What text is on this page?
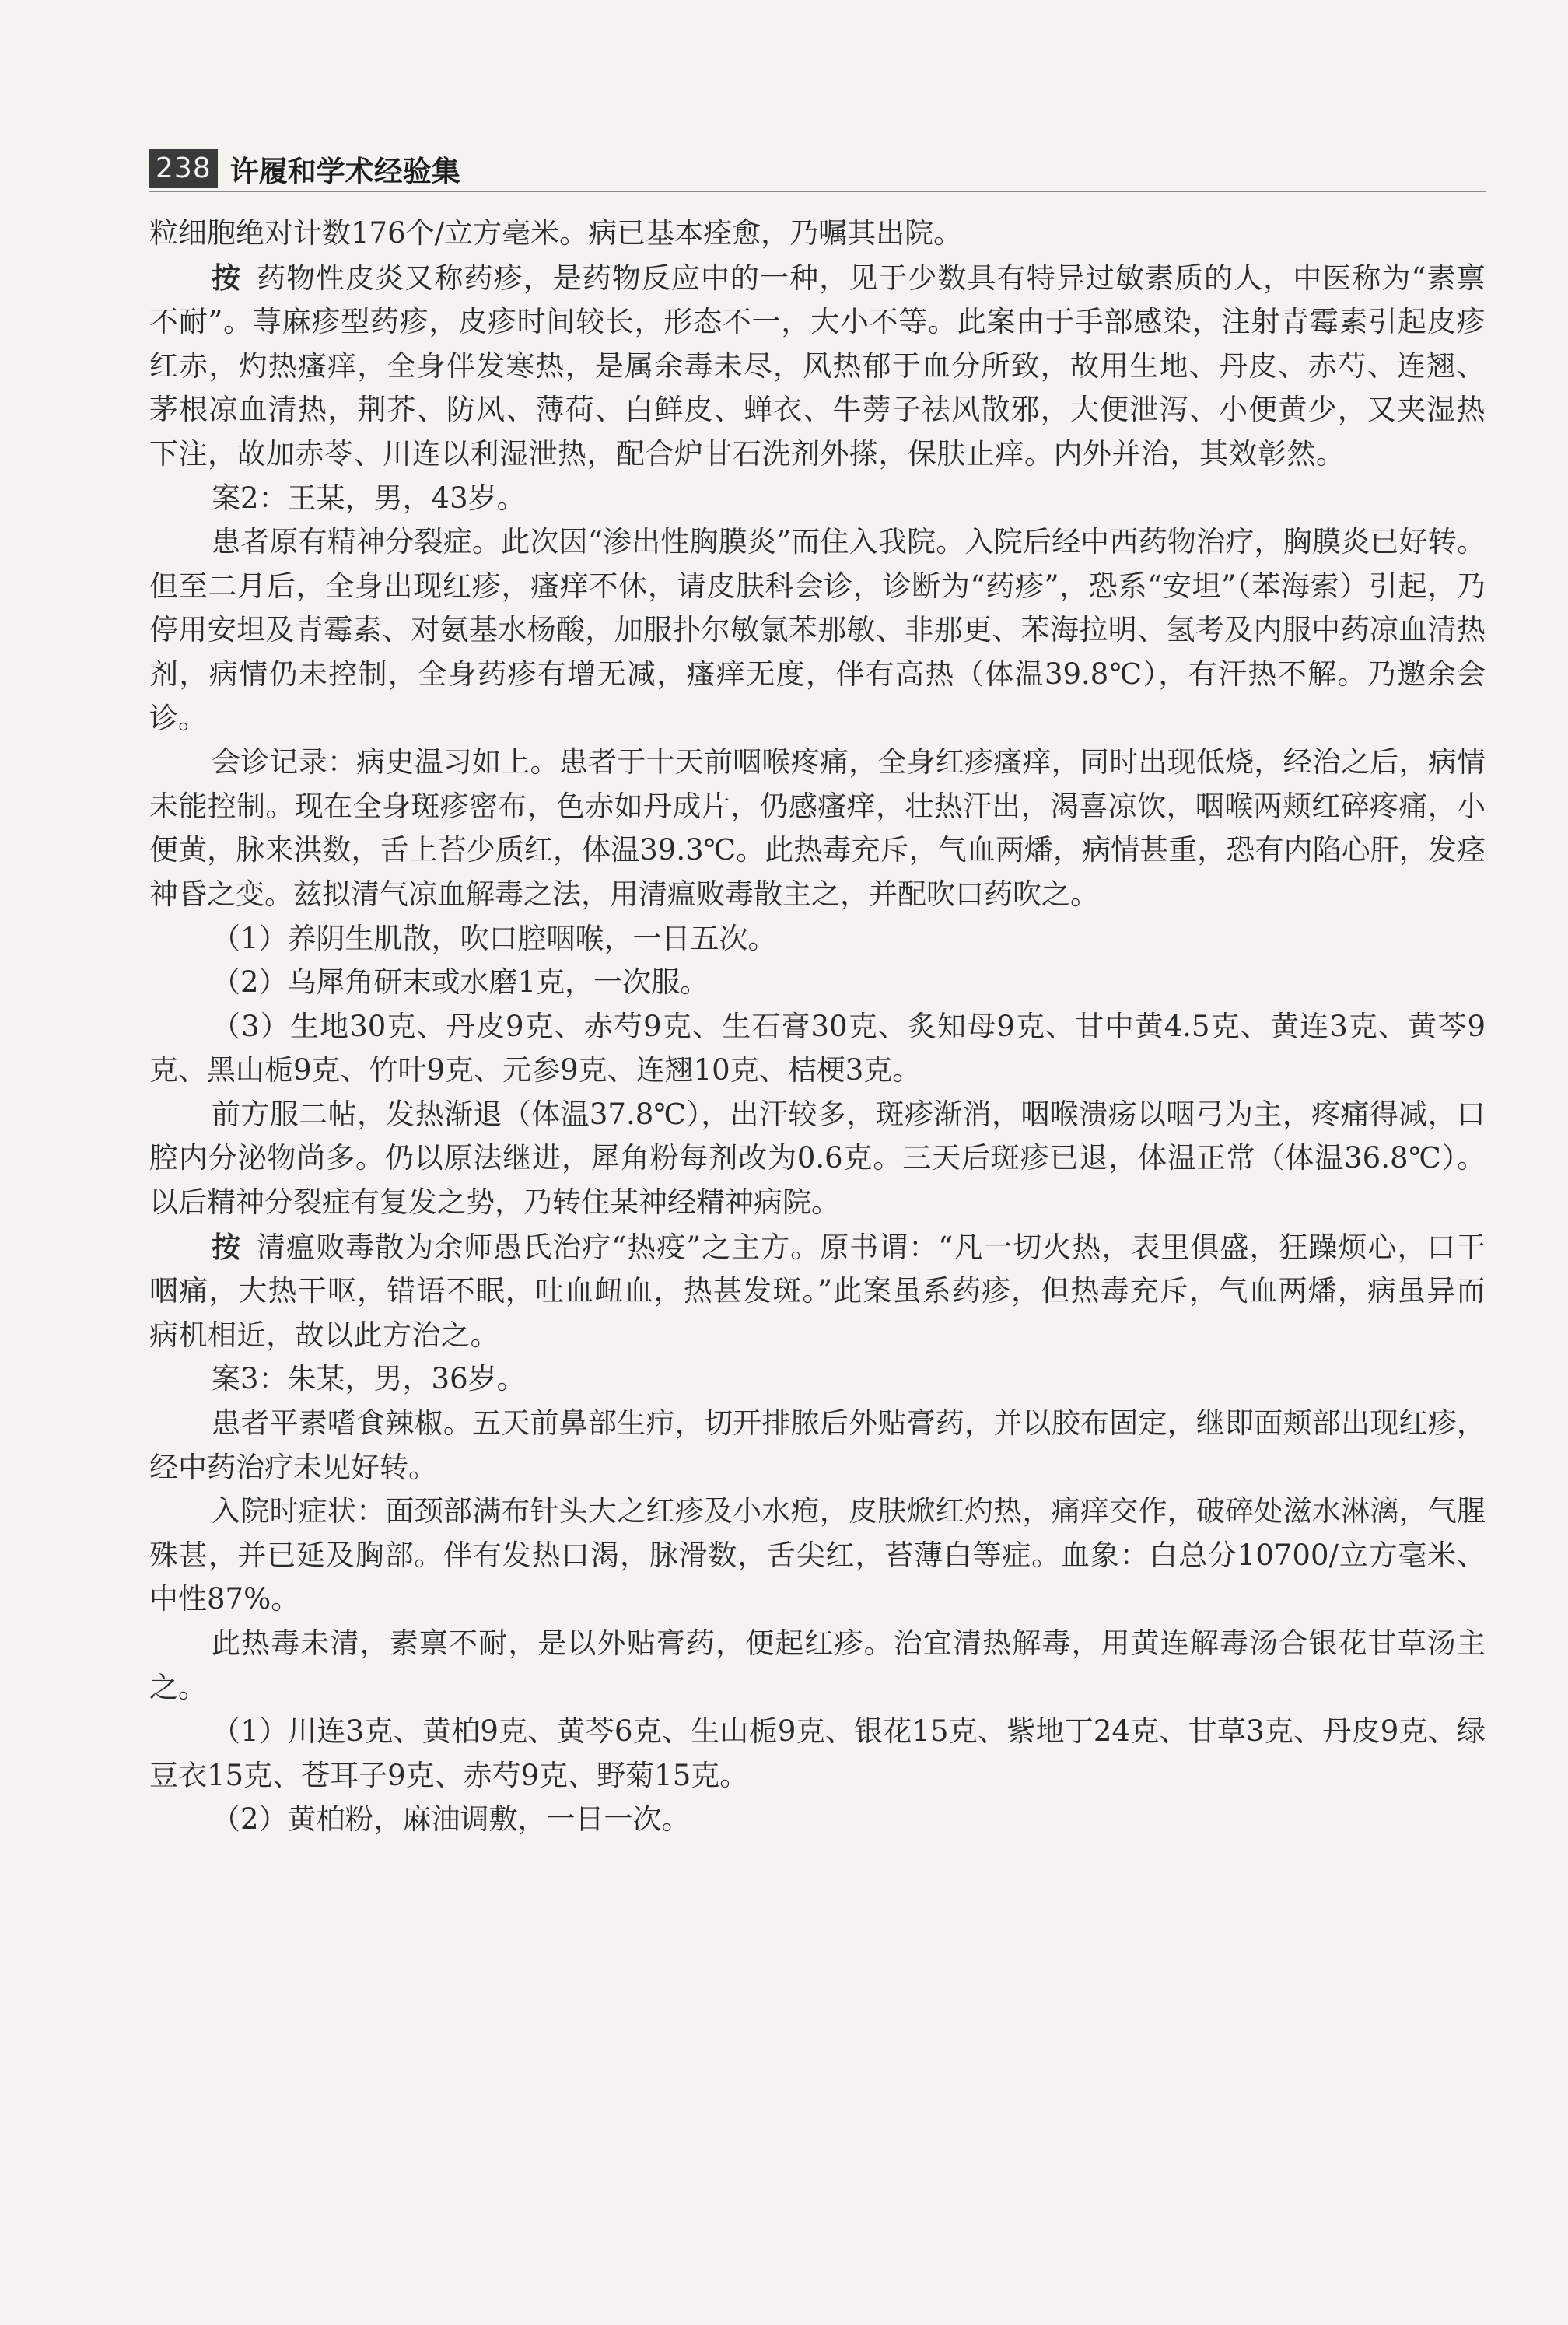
238 许履和学术经验集

粒细胞绝对计数176个/立方毫米。病已基本痊愈，乃嘱其出院。

按 药物性皮炎又称药疹，是药物反应中的一种，见于少数具有特异过敏素质的人，中医称为“素禀不耐”。荨麻疹型药疹，皮疹时间较长，形态不一，大小不等。此案由于手部感染，注射青霉素引起皮疹红赤，灼热瘙痒，全身伴发寒热，是属余毒未尽，风热郁于血分所致，故用生地、丹皮、赤芍、连翘、茅根凉血清热，荆芥、防风、薄荷、白鲜皮、蝉衣、牛蒡子祛风散邪，大便泄泻、小便黄少，又夹湿热下注，故加赤苓、川连以利湿泄热，配合炉甘石洗剂外搽，保肤止痒。内外并治，其效彰然。

案2：王某，男，43岁。

患者原有精神分裂症。此次因“渗出性胸膜炎”而住入我院。入院后经中西药物治疗，胸膜炎已好转。但至二月后，全身出现红疹，瘙痒不休，请皮肤科会诊，诊断为“药疹”，恐系“安坦”（苯海索）引起，乃停用安坦及青霉素、对氨基水杨酸，加服扑尔敏氯苯那敏、非那更、苯海拉明、氢考及内服中药凉血清热剂，病情仍未控制，全身药疹有增无减，瘙痒无度，伴有高热（体温39.8℃），有汗热不解。乃邀余会诊。

会诊记录：病史温习如上。患者于十天前咽喉疼痛，全身红疹瘙痒，同时出现低烧，经治之后，病情未能控制。现在全身斑疹密布，色赤如丹成片，仍感瘙痒，壮热汗出，渴喜凉饮，咽喉两颊红碎疼痛，小便黄，脉来洪数，舌上苔少质红，体温39.3℃。此热毒充斥，气血两燔，病情甚重，恐有内陷心肝，发痉神昏之变。兹拟清气凉血解毒之法，用清瘟败毒散主之，并配吹口药吹之。

（1）养阴生肌散，吹口腔咽喉，一日五次。

（2）乌犀角研末或水磨1克，一次服。

（3）生地30克、丹皮9克、赤芍9克、生石膏30克、炙知母9克、甘中黄4.5克、黄连3克、黄芩9克、黑山栀9克、竹叶9克、元参9克、连翘10克、桔梗3克。

前方服二帖，发热渐退（体温37.8℃），出汗较多，斑疹渐消，咽喉溃疡以咽弓为主，疼痛得减，口腔内分泌物尚多。仍以原法继进，犀角粉每剂改为0.6克。三天后斑疹已退，体温正常（体温36.8℃）。以后精神分裂症有复发之势，乃转住某神经精神病院。

按 清瘟败毒散为余师愚氏治疗“热疫”之主方。原书谓：“凡一切火热，表里俱盛，狂躁烦心，口干咽痛，大热干呕，错语不眠，吐血衄血，热甚发斑。”此案虽系药疹，但热毒充斥，气血两燔，病虽异而病机相近，故以此方治之。

案3：朱某，男，36岁。

患者平素嗜食辣椒。五天前鼻部生疖，切开排脓后外贴膏药，并以胶布固定，继即面颊部出现红疹，经中药治疗未见好转。

入院时症状：面颈部满布针头大之红疹及小水疱，皮肤焮红灼热，痛痒交作，破碎处滋水淋漓，气腥殊甚，并已延及胸部。伴有发热口渴，脉滑数，舌尖红，苔薄白等症。血象：白总分10700/立方毫米、中性87%。

此热毒未清，素禀不耐，是以外贴膏药，便起红疹。治宜清热解毒，用黄连解毒汤合银花甘草汤主之。

（1）川连3克、黄柏9克、黄芩6克、生山栀9克、银花15克、紫地丁24克、甘草3克、丹皮9克、绿豆衣15克、苍耳子9克、赤芍9克、野菊15克。

（2）黄柏粉，麻油调敷，一日一次。
